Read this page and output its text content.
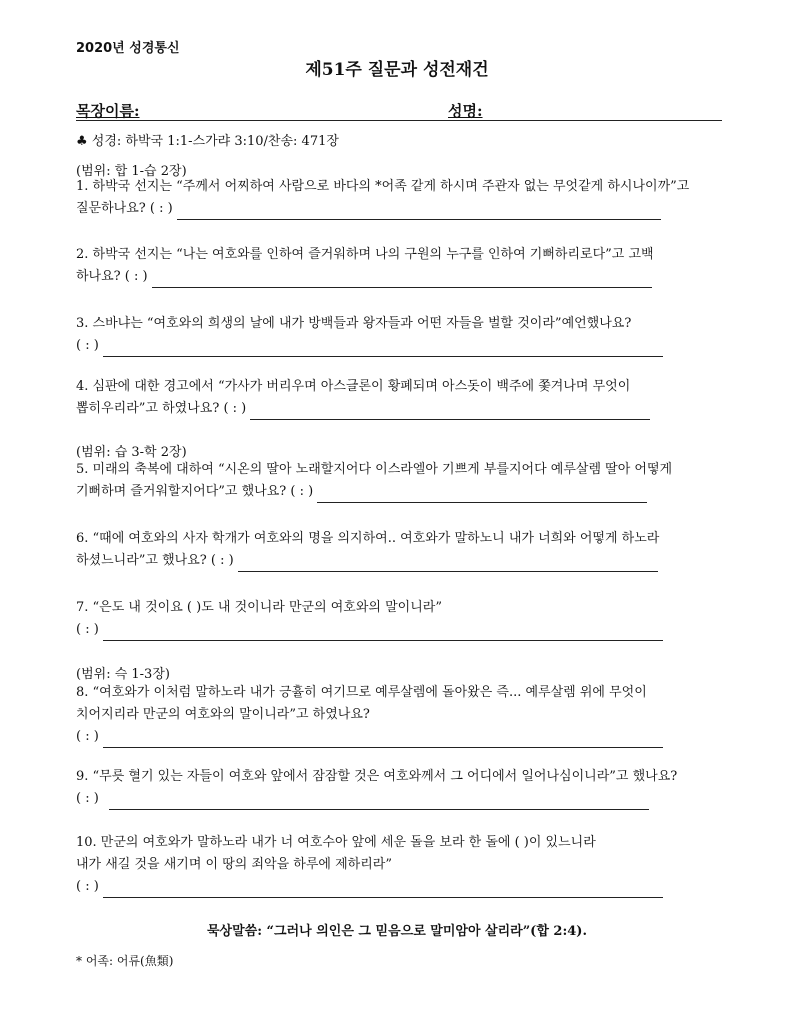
2020년 성경통신
제51주 질문과 성전재건
목장이름:	성명:
♣ 성경: 하박국 1:1-스가랴 3:10/찬송: 471장
(범위: 합 1-습 2장)
1. 하박국 선지는 “주께서 어찌하여 사람으로 바다의 *어족 같게 하시며 주관자 없는 무엇같게 하시나이까”고
질문하나요? ( : )
2. 하박국 선지는 “나는 여호와를 인하여 즐거워하며 나의 구원의 누구를 인하여 기뻐하리로다”고 고백
하나요? ( : )
3. 스바냐는 “여호와의 희생의 날에 내가 방백들과 왕자들과 어떤 자들을 벌할 것이라”예언했나요?
( : )
4. 심판에 대한 경고에서 “가사가 버리우며 아스글론이 황폐되며 아스돗이 백주에 쫓겨나며 무엇이
뽑히우리라”고 하였나요? ( : )
(범위: 습 3-학 2장)
5. 미래의 축복에 대하여 “시온의 딸아 노래할지어다 이스라엘아 기쁘게 부를지어다 예루살렘 딸아 어떻게
기뻐하며 즐거워할지어다”고 했나요? ( : )
6. “때에 여호와의 사자 학개가 여호와의 명을 의지하여.. 여호와가 말하노니 내가 너희와 어떻게 하노라
하셨느니라”고 했나요? ( : )
7. “은도 내 것이요 ( )도 내 것이니라 만군의 여호와의 말이니라”
( : )
(범위: 슥 1-3장)
8. “여호와가 이처럼 말하노라 내가 긍휼히 여기므로 예루살렘에 돌아왔은 즉... 예루살렘 위에 무엇이
치어지리라 만군의 여호와의 말이니라”고 하였나요?
( : )
9. “무릇 혈기 있는 자들이 여호와 앞에서 잠잠할 것은 여호와께서 그 어디에서 일어나심이니라”고 했나요?
( : )
10. 만군의 여호와가 말하노라 내가 너 여호수아 앞에 세운 돌을 보라 한 돌에 ( )이 있느니라
내가 새길 것을 새기며 이 땅의 죄악을 하루에 제하리라”
( : )
묵상말씀: “그러나 의인은 그 믿음으로 말미암아 살리라”(합 2:4).
* 어족: 어류(魚類)
